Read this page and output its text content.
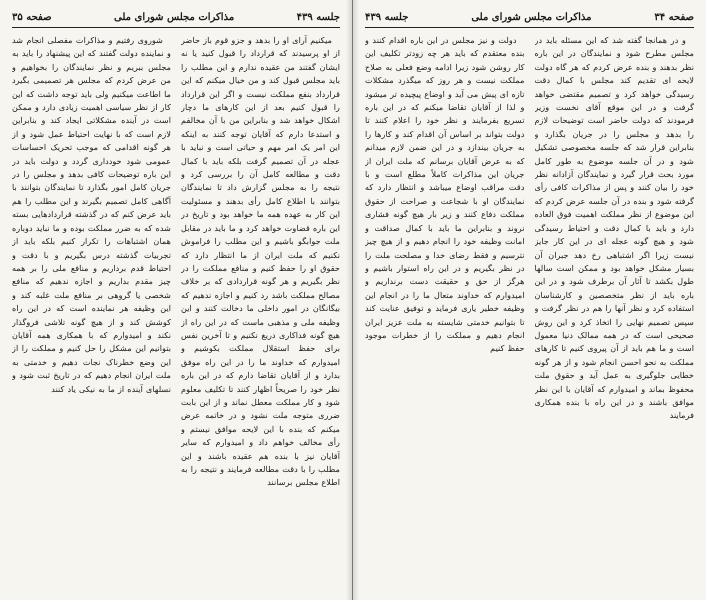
جلسه ۴۳۹
مذاکرات مجلس شورای ملی
صفحه ۳۵

میکنیم آرای او را بدهد و جزو قوم باز حاضر از او پرسیدند که قرارداد را قبول کنید یا نه ایشان گفتند من عقیده ندارم و این مطلب را باید مجلس قبول کند و من خیال میکنم که این قرارداد بنفع مملکت نیست و اگر این قرارداد را قبول کنیم بعد از این کارهای ما دچار اشکال خواهد شد و بنابراین من با آن مخالفم و استدعا دارم که آقایان توجه کنند به اینکه این امر یک امر مهم و حیاتی است و نباید با عجله در آن تصمیم گرفت بلکه باید با کمال دقت و مطالعه کامل آن را بررسی کرد و نتیجه را به مجلس گزارش داد تا نمایندگان بتوانند با اطلاع کامل رأی بدهند و مسئولیت این کار به عهده همه ما خواهد بود و تاریخ در این باره قضاوت خواهد کرد و ما باید در مقابل ملت جوابگو باشیم و این مطلب را فراموش نکنیم که ملت ایران از ما انتظار دارد که حقوق او را حفظ کنیم و منافع مملکت را در نظر بگیریم و هر گونه قراردادی که بر خلاف مصالح مملکت باشد رد کنیم و اجازه ندهیم که بیگانگان در امور داخلی ما دخالت کنند و این وظیفه ملی و مذهبی ماست که در این راه از هیچ گونه فداکاری دریغ نکنیم و تا آخرین نفس برای حفظ استقلال مملکت بکوشیم و امیدوارم که خداوند ما را در این راه موفق بدارد و از آقایان تقاضا دارم که در این باره نظر خود را صریحاً اظهار کنند تا تکلیف معلوم شود و کار مملکت معطل نماند و از این بابت ضرری متوجه ملت نشود و در خاتمه عرض میکنم که بنده با این لایحه موافق نیستم و رأی مخالف خواهم داد و امیدوارم که سایر آقایان نیز با بنده هم عقیده باشند و این مطلب را با دقت مطالعه فرمایند و نتیجه را به اطلاع مجلس برسانند

شوروی رفتیم و مذاکرات مفصلی انجام شد و نماینده دولت گفتند که این پیشنهاد را باید به مجلس ببریم و نظر نمایندگان را بخواهیم و من عرض کردم که مجلس هر تصمیمی بگیرد ما اطاعت میکنیم ولی باید توجه داشت که این کار از نظر سیاسی اهمیت زیادی دارد و ممکن است در آینده مشکلاتی ایجاد کند و بنابراین لازم است که با نهایت احتیاط عمل شود و از هر گونه اقدامی که موجب تحریک احساسات عمومی شود خودداری گردد و دولت باید در این باره توضیحات کافی بدهد و مجلس را در جریان کامل امور بگذارد تا نمایندگان بتوانند با آگاهی کامل تصمیم بگیرند و این مطلب را هم باید عرض کنم که در گذشته قراردادهایی بسته شده که به ضرر مملکت بوده و ما نباید دوباره همان اشتباهات را تکرار کنیم بلکه باید از تجربیات گذشته درس بگیریم و با دقت و احتیاط قدم برداریم و منافع ملی را بر همه چیز مقدم بداریم و اجازه ندهیم که منافع شخصی یا گروهی بر منافع ملت غلبه کند و این وظیفه هر نماینده است که در این راه کوشش کند و از هیچ گونه تلاشی فروگذار نکند و امیدوارم که با همکاری همه آقایان بتوانیم این مشکل را حل کنیم و مملکت را از این وضع خطرناک نجات دهیم و خدمتی به ملت ایران انجام دهیم که در تاریخ ثبت شود و نسلهای آینده از ما به نیکی یاد کنند

صفحه ۳۴
مذاکرات مجلس شورای ملی
جلسه ۴۳۹

و در همانجا گفته شد که این مسئله باید در مجلس مطرح شود و نمایندگان در این باره نظر بدهند و بنده عرض کردم که هر گاه دولت لایحه ای تقدیم کند مجلس با کمال دقت رسیدگی خواهد کرد و تصمیم مقتضی خواهد گرفت و در این موقع آقای نخست وزیر فرمودند که دولت حاضر است توضیحات لازم را بدهد و مجلس را در جریان بگذارد و بنابراین قرار شد که جلسه مخصوصی تشکیل شود و در آن جلسه موضوع به طور کامل مورد بحث قرار گیرد و نمایندگان آزادانه نظر خود را بیان کنند و پس از مذاکرات کافی رأی گرفته شود و بنده در آن جلسه عرض کردم که این موضوع از نظر مملکت اهمیت فوق العاده دارد و باید با کمال دقت و احتیاط رسیدگی شود و هیچ گونه عجله ای در این کار جایز نیست زیرا اگر اشتباهی رخ دهد جبران آن بسیار مشکل خواهد بود و ممکن است سالها طول بکشد تا آثار آن برطرف شود و در این باره باید از نظر متخصصین و کارشناسان استفاده کرد و نظر آنها را هم در نظر گرفت و سپس تصمیم نهایی را اتخاذ کرد و این روش صحیحی است که در همه ممالک دنیا معمول است و ما هم باید از آن پیروی کنیم تا کارهای مملکت به نحو احسن انجام شود و از هر گونه خطایی جلوگیری به عمل آید و حقوق ملت محفوظ بماند و امیدوارم که آقایان با این نظر موافق باشند و در این راه با بنده همکاری فرمایند

دولت و نیز مجلس در این باره اقدام کنند و بنده معتقدم که باید هر چه زودتر تکلیف این کار روشن شود زیرا ادامه وضع فعلی به صلاح مملکت نیست و هر روز که میگذرد مشکلات تازه ای پیش می آید و اوضاع پیچیده تر میشود و لذا از آقایان تقاضا میکنم که در این باره تسریع بفرمایند و نظر خود را اعلام کنند تا دولت بتواند بر اساس آن اقدام کند و کارها را به جریان بیندازد و در این ضمن لازم میدانم که به عرض آقایان برسانم که ملت ایران از جریان این مذاکرات کاملاً مطلع است و با دقت مراقب اوضاع میباشد و انتظار دارد که نمایندگان او با شجاعت و صراحت از حقوق مملکت دفاع کنند و زیر بار هیچ گونه فشاری نروند و بنابراین ما باید با کمال صداقت و امانت وظیفه خود را انجام دهیم و از هیچ چیز نترسیم و فقط رضای خدا و مصلحت ملت را در نظر بگیریم و در این راه استوار باشیم و هرگز از حق و حقیقت دست برنداریم و امیدوارم که خداوند متعال ما را در انجام این وظیفه خطیر یاری فرماید و توفیق عنایت کند تا بتوانیم خدمتی شایسته به ملت عزیز ایران انجام دهیم و مملکت را از خطرات موجود حفظ کنیم
